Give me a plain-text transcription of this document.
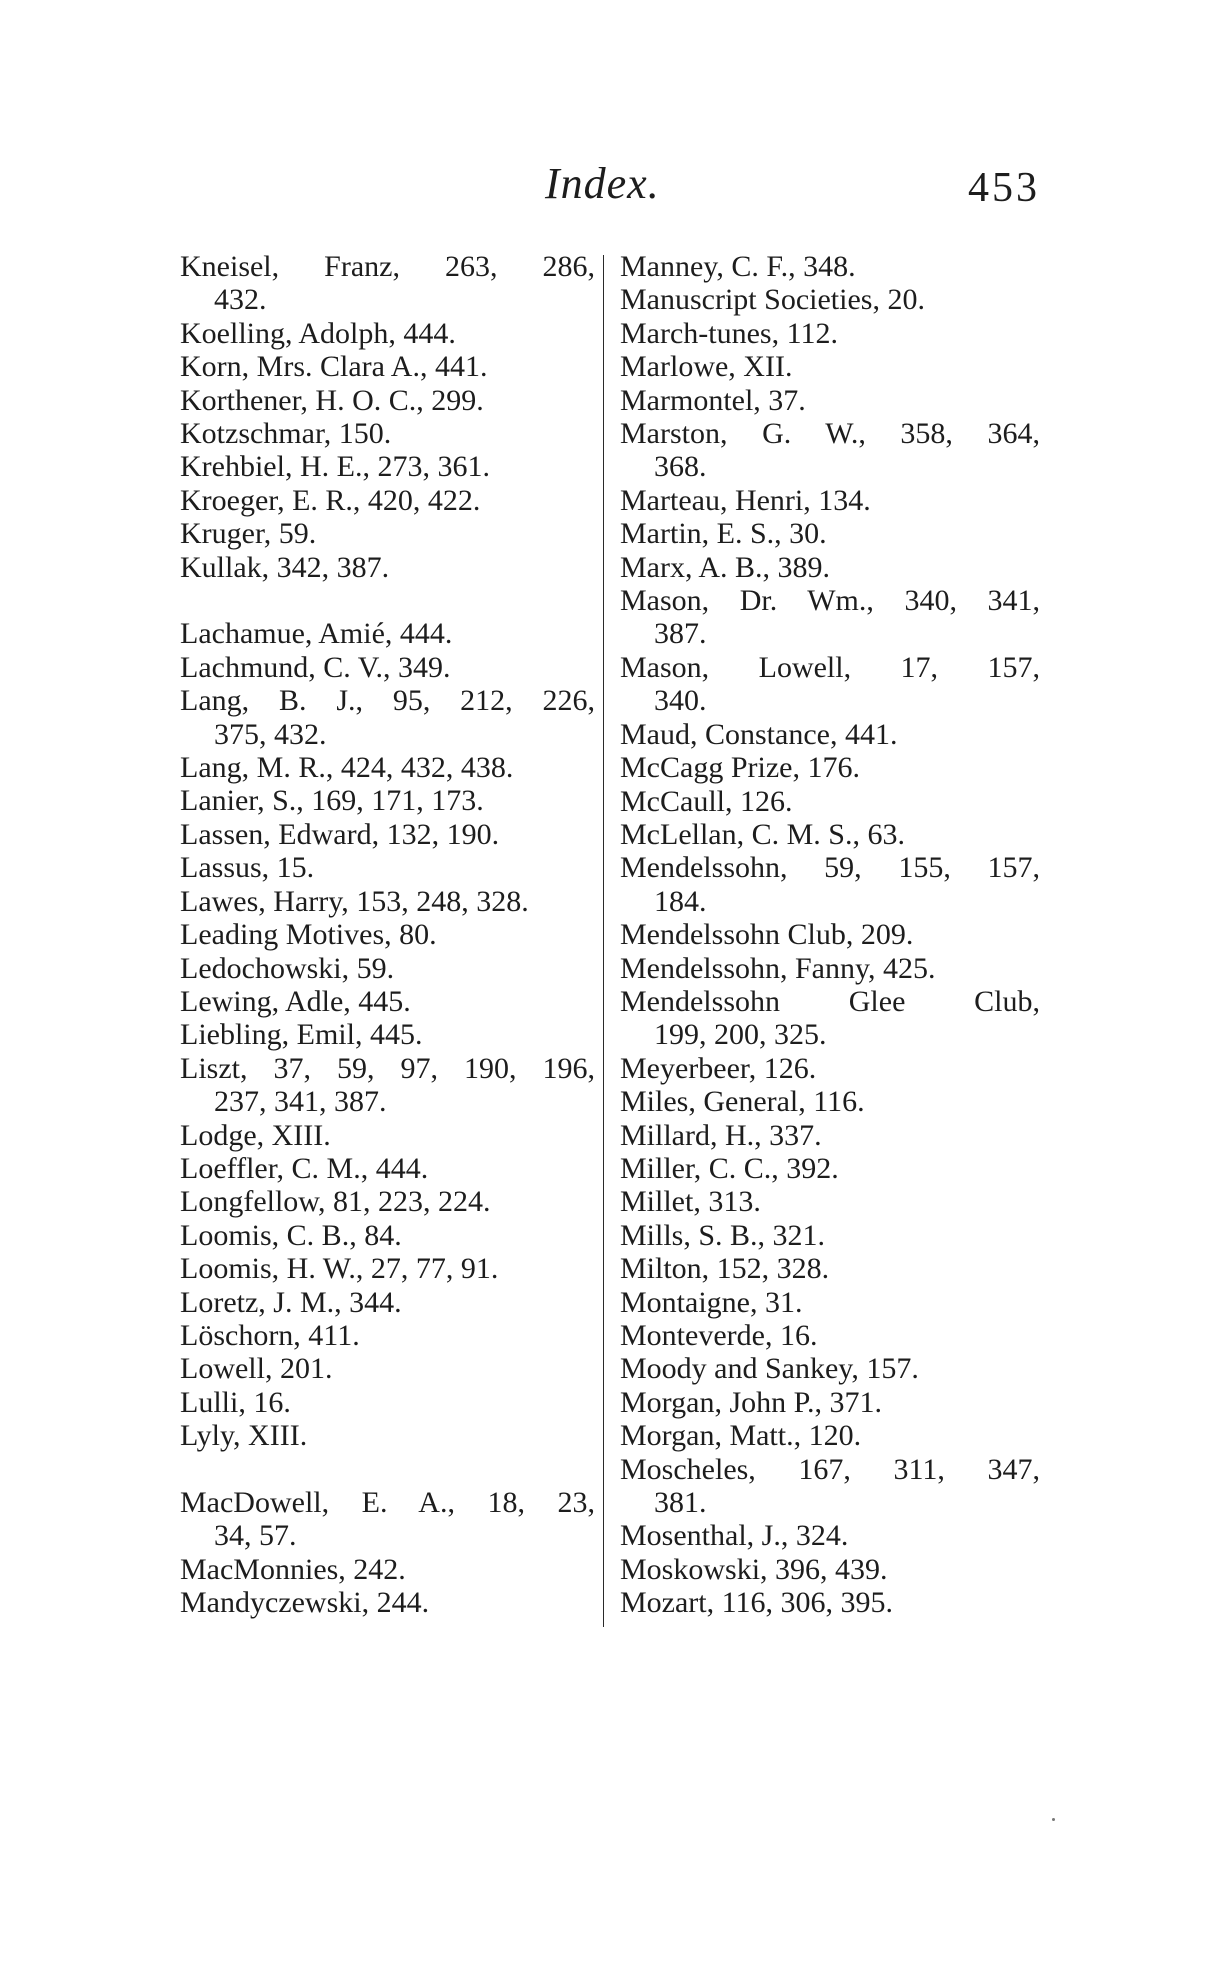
Index.	453
Kneisel, Franz, 263, 286,
432.
Koelling, Adolph, 444.
Korn, Mrs. Clara A., 441.
Korthener, H. O. C., 299.
Kotzschmar, 150.
Krehbiel, H. E., 273, 361.
Kroeger, E. R., 420, 422.
Kruger, 59.
Kullak, 342, 387.
Lachamue, Amié, 444.
Lachmund, C. V., 349.
Lang, B. J., 95, 212, 226,
375, 432.
Lang, M. R., 424, 432, 438.
Lanier, S., 169, 171, 173.
Lassen, Edward, 132, 190.
Lassus, 15.
Lawes, Harry, 153, 248, 328.
Leading Motives, 80.
Ledochowski, 59.
Lewing, Adle, 445.
Liebling, Emil, 445.
Liszt, 37, 59, 97, 190, 196,
237, 341, 387.
Lodge, XIII.
Loeffler, C. M., 444.
Longfellow, 81, 223, 224.
Loomis, C. B., 84.
Loomis, H. W., 27, 77, 91.
Loretz, J. M., 344.
Löschorn, 411.
Lowell, 201.
Lulli, 16.
Lyly, XIII.
MacDowell, E. A., 18, 23,
34, 57.
MacMonnies, 242.
Mandyczewski, 244.
Manney, C. F., 348.
Manuscript Societies, 20.
March-tunes, 112.
Marlowe, XII.
Marmontel, 37.
Marston, G. W., 358, 364,
368.
Marteau, Henri, 134.
Martin, E. S., 30.
Marx, A. B., 389.
Mason, Dr. Wm., 340, 341,
387.
Mason, Lowell, 17, 157,
340.
Maud, Constance, 441.
McCagg Prize, 176.
McCaull, 126.
McLellan, C. M. S., 63.
Mendelssohn, 59, 155, 157,
184.
Mendelssohn Club, 209.
Mendelssohn, Fanny, 425.
Mendelssohn Glee Club,
199, 200, 325.
Meyerbeer, 126.
Miles, General, 116.
Millard, H., 337.
Miller, C. C., 392.
Millet, 313.
Mills, S. B., 321.
Milton, 152, 328.
Montaigne, 31.
Monteverde, 16.
Moody and Sankey, 157.
Morgan, John P., 371.
Morgan, Matt., 120.
Moscheles, 167, 311, 347,
381.
Mosenthal, J., 324.
Moskowski, 396, 439.
Mozart, 116, 306, 395.
